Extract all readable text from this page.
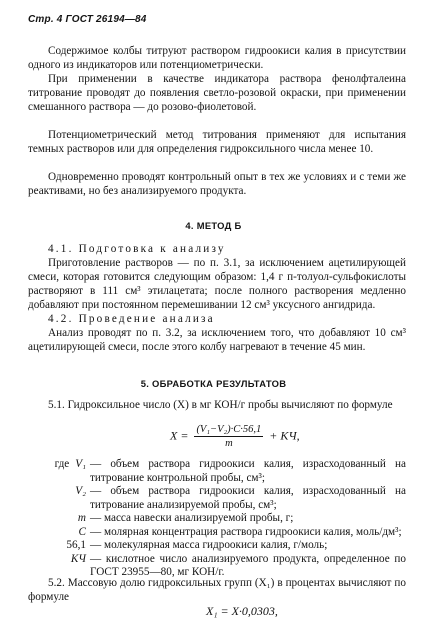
Стр. 4 ГОСТ 26194—84

Содержимое колбы титруют раствором гидроокиси калия в присутствии одного из индикаторов или потенциометрически.

При применении в качестве индикатора раствора фенолфталеина титрование проводят до появления светло-розовой окраски, при применении смешанного раствора — до розово-фиолетовой.

Потенциометрический метод титрования применяют для испытания темных растворов или для определения гидроксильного числа менее 10.

Одновременно проводят контрольный опыт в тех же условиях и с теми же реактивами, но без анализируемого продукта.

4. МЕТОД Б

4.1. Подготовка к анализу

Приготовление растворов — по п. 3.1, за исключением ацетилирующей смеси, которая готовится следующим образом: 1,4 г п-толуол-сульфокислоты растворяют в 111 см³ этилацетата; после полного растворения медленно добавляют при постоянном перемешивании 12 см³ уксусного ангидрида.

4.2. Проведение анализа

Анализ проводят по п. 3.2, за исключением того, что добавляют 10 см³ ацетилирующей смеси, после этого колбу нагревают в течение 45 мин.

5. ОБРАБОТКА РЕЗУЛЬТАТОВ

5.1. Гидроксильное число (X) в мг КОН/г пробы вычисляют по формуле

$X = \frac{\text{(V₁−V₂)·C·56,1}}{m}$ + КЧ,
где V₁ — объем раствора гидроокиси калия, израсходованный на титрование контрольной пробы, см³;
V₂ — объем раствора гидроокиси калия, израсходованный на титрование анализируемой пробы, см³;
m — масса навески анализируемой пробы, г;
C — молярная концентрация раствора гидроокиси калия, моль/дм³;
56,1 — молекулярная масса гидроокиси калия, г/моль;
КЧ — кислотное число анализируемого продукта, определенное по ГОСТ 23955—80, мг КОН/г.

5.2. Массовую долю гидроксильных групп (X₁) в процентах вычисляют по формуле

X₁ = X·0,0303,
